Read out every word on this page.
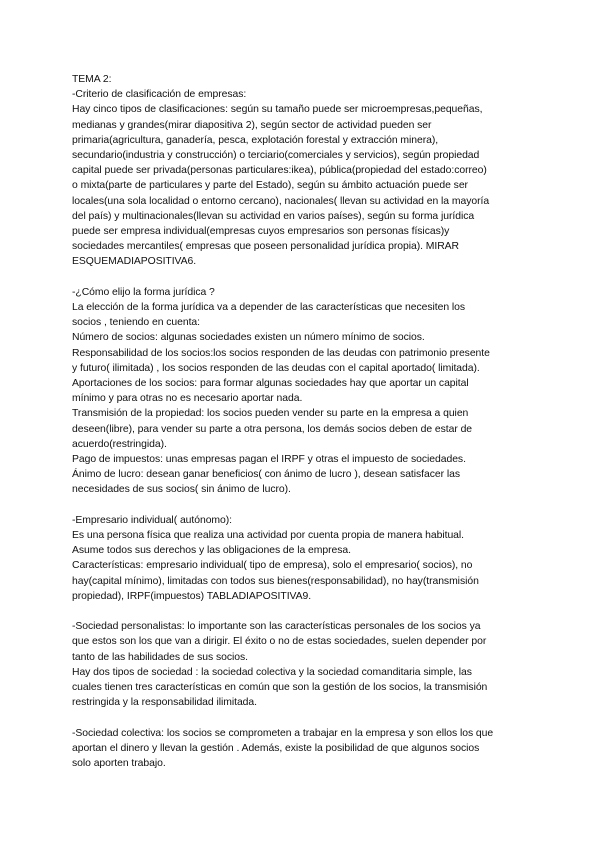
TEMA 2:
-Criterio de clasificación de empresas:
Hay cinco tipos de clasificaciones: según su tamaño puede ser microempresas,pequeñas,
medianas y grandes(mirar diapositiva 2), según sector de actividad pueden ser
primaria(agricultura, ganadería, pesca, explotación forestal y extracción minera),
secundario(industria y construcción) o terciario(comerciales y servicios), según propiedad
capital puede ser privada(personas particulares:ikea), pública(propiedad del estado:correo)
o mixta(parte de particulares y parte del Estado), según su ámbito actuación puede ser
locales(una sola localidad o entorno cercano), nacionales( llevan su actividad en la mayoría
del país) y multinacionales(llevan su actividad en varios países), según su forma jurídica
puede ser empresa individual(empresas cuyos empresarios son personas físicas)y
sociedades mercantiles( empresas que poseen personalidad jurídica propia). MIRAR
ESQUEMADIAPOSITIVA6.
-¿Cómo elijo la forma jurídica ?
La elección de la forma jurídica va a depender de las características que necesiten los
socios , teniendo en cuenta:
Número de socios: algunas sociedades existen un número mínimo de socios.
Responsabilidad de los socios:los socios responden de las deudas con patrimonio presente
y futuro( ilimitada) , los socios responden de las deudas con el capital aportado( limitada).
Aportaciones de los socios: para formar algunas sociedades hay que aportar un capital
mínimo y para otras no es necesario aportar nada.
Transmisión de la propiedad: los socios pueden vender su parte en la empresa a quien
deseen(libre), para vender su parte a otra persona, los demás socios deben de estar de
acuerdo(restringida).
Pago de impuestos: unas empresas pagan el IRPF y otras el impuesto de sociedades.
Ánimo de lucro: desean ganar beneficios( con ánimo de lucro ), desean satisfacer las
necesidades de sus socios( sin ánimo de lucro).
-Empresario individual( autónomo):
Es una persona física que realiza una actividad por cuenta propia de manera habitual.
Asume todos sus derechos y las obligaciones de la empresa.
Características: empresario individual( tipo de empresa), solo el empresario( socios), no
hay(capital mínimo), limitadas con todos sus bienes(responsabilidad), no hay(transmisión
propiedad), IRPF(impuestos) TABLADIAPOSITIVA9.
-Sociedad personalistas: lo importante son las características personales de los socios ya
que estos son los que van a dirigir. El éxito o no de estas sociedades, suelen depender por
tanto de las habilidades de sus socios.
Hay dos tipos de sociedad : la sociedad colectiva y la sociedad comanditaria simple, las
cuales tienen tres características en común que son la gestión de los socios, la transmisión
restringida y la responsabilidad ilimitada.
-Sociedad colectiva: los socios se comprometen a trabajar en la empresa y son ellos los que
aportan el dinero y llevan la gestión . Además, existe la posibilidad de que algunos socios
solo aporten trabajo.
